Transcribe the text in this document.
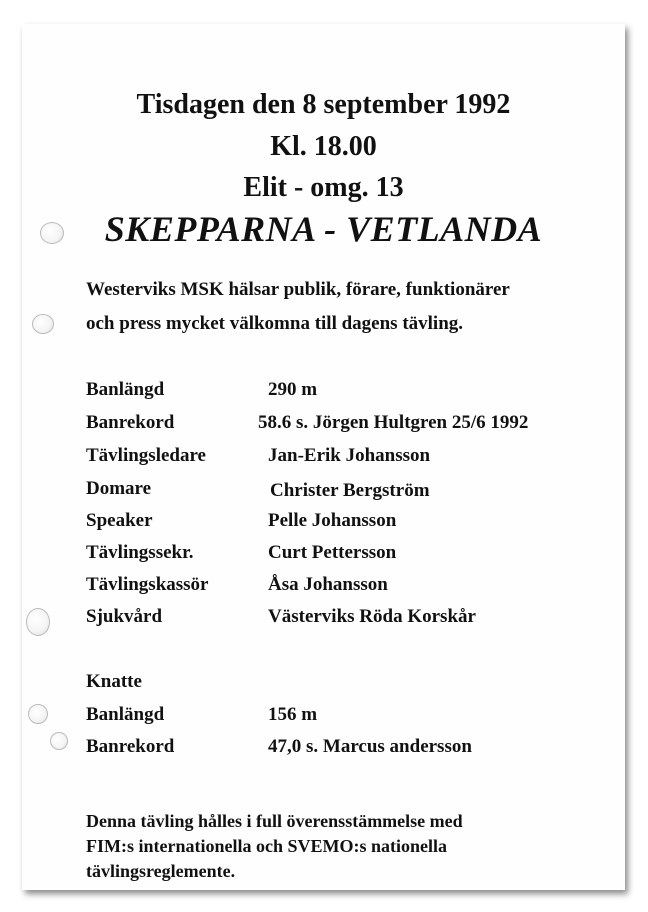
Tisdagen den 8 september 1992
Kl. 18.00
Elit - omg. 13
SKEPPARNA - VETLANDA
Westerviks MSK hälsar publik, förare, funktionärer
och press mycket välkomna till dagens tävling.
Banlängd	290 m
Banrekord	58.6 s. Jörgen Hultgren 25/6 1992
Tävlingsledare	Jan-Erik Johansson
Domare	Christer Bergström
Speaker	Pelle Johansson
Tävlingssekr.	Curt Pettersson
Tävlingskassör	Åsa Johansson
Sjukvård	Västerviks Röda Korskår
Knatte
Banlängd	156 m
Banrekord	47,0 s. Marcus andersson
Denna tävling hålles i full överensstämmelse med
FIM:s internationella och SVEMO:s nationella
tävlingsreglemente.
